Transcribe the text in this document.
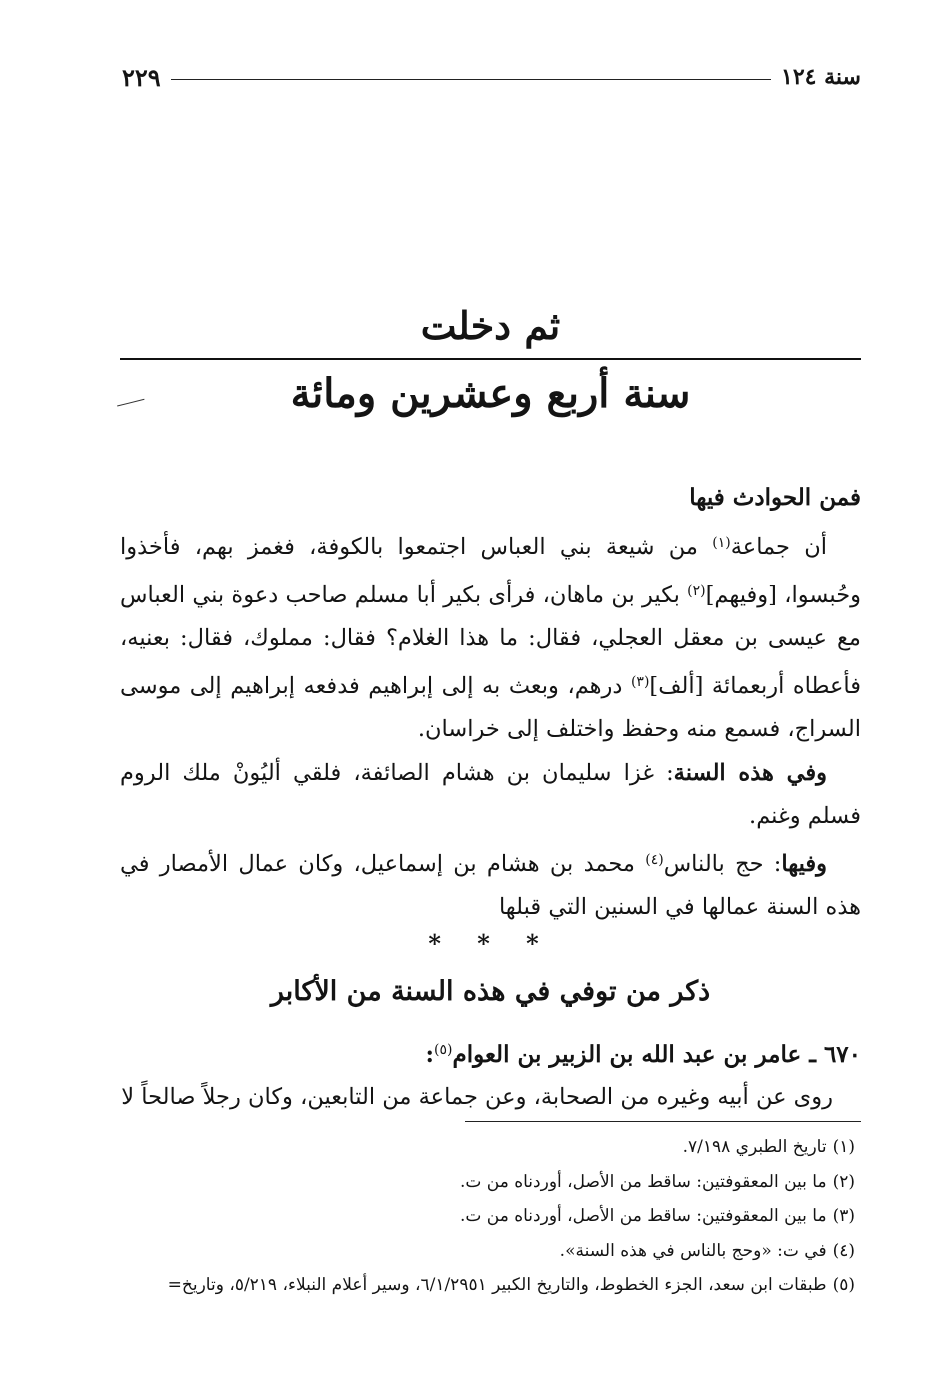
سنة ١٢٤
٢٢٩
ثم دخلت
سنة أربع وعشرين ومائة
فمن الحوادث فيها

أن جماعة$^{(١)}$ من شيعة بني العباس اجتمعوا بالكوفة، فغمز بهم، فأخذوا وحُبسوا، [وفيهم]$^{(٢)}$ بكير بن ماهان، فرأى بكير أبا مسلم صاحب دعوة بني العباس مع عيسى بن معقل العجلي، فقال: ما هذا الغلام؟ فقال: مملوك، فقال: بعنيه، فأعطاه أربعمائة [ألف]$^{(٣)}$ درهم، وبعث به إلى إبراهيم فدفعه إبراهيم إلى موسى السراج، فسمع منه وحفظ واختلف إلى خراسان.

وفي هذه السنة: غزا سليمان بن هشام الصائفة، فلقي أليُونْ ملك الروم فسلم وغنم.

وفيها: حج بالناس$^{(٤)}$ محمد بن هشام بن إسماعيل، وكان عمال الأمصار في هذه السنة عمالها في السنين التي قبلها

* * *
ذكر من توفي في هذه السنة من الأكابر
٦٧٠ ـ عامر بن عبد الله بن الزبير بن العوام$^{(٥)}$:

روى عن أبيه وغيره من الصحابة، وعن جماعة من التابعين، وكان رجلاً صالحاً لا

(١)تاريخ الطبري ٧/١٩٨.
(٢)ما بين المعقوفتين: ساقط من الأصل، أوردناه من ت.
(٣)ما بين المعقوفتين: ساقط من الأصل، أوردناه من ت.
(٤)في ت: «وحج بالناس في هذه السنة».
(٥)طبقات ابن سعد، الجزء الخطوط، والتاريخ الكبير ٦/١/٢٩٥١، وسير أعلام النبلاء، ٥/٢١٩، وتاريخ=
